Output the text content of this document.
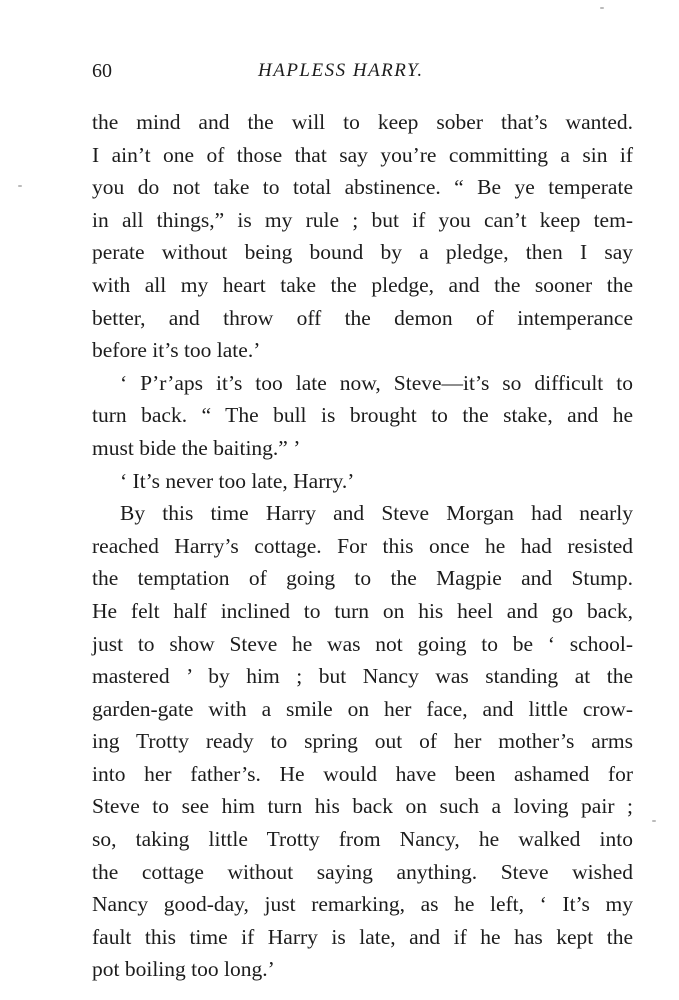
60	HAPLESS HARRY.
the mind and the will to keep sober that’s wanted.
I ain’t one of those that say you’re committing a sin if
you do not take to total abstinence. “ Be ye temperate
in all things,” is my rule ; but if you can’t keep tem-
perate without being bound by a pledge, then I say
with all my heart take the pledge, and the sooner the
better, and throw off the demon of intemperance
before it’s too late.’
‘ P’r’aps it’s too late now, Steve—it’s so difficult to
turn back. “ The bull is brought to the stake, and he
must bide the baiting.” ’
‘ It’s never too late, Harry.’
By this time Harry and Steve Morgan had nearly
reached Harry’s cottage. For this once he had resisted
the temptation of going to the Magpie and Stump.
He felt half inclined to turn on his heel and go back,
just to show Steve he was not going to be ‘ school-
mastered ’ by him ; but Nancy was standing at the
garden-gate with a smile on her face, and little crow-
ing Trotty ready to spring out of her mother’s arms
into her father’s. He would have been ashamed for
Steve to see him turn his back on such a loving pair ;
so, taking little Trotty from Nancy, he walked into
the cottage without saying anything. Steve wished
Nancy good-day, just remarking, as he left, ‘ It’s my
fault this time if Harry is late, and if he has kept the
pot boiling too long.’
